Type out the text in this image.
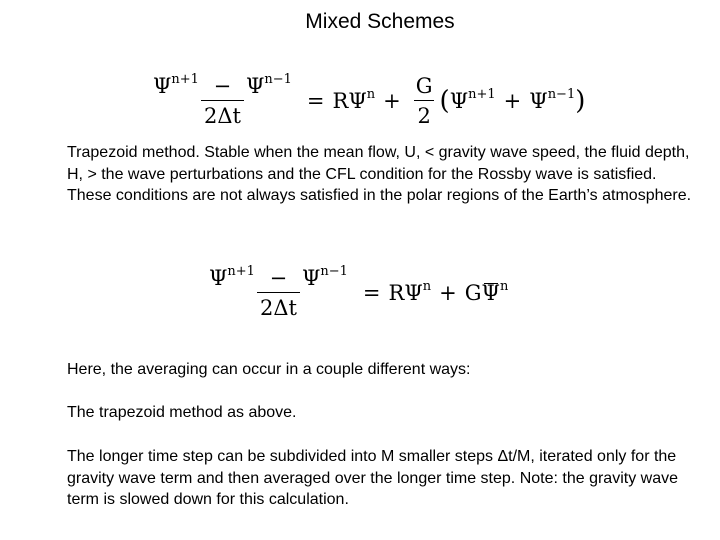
Mixed Schemes
$\frac{\Psi^{n+1} - \Psi^{n-1}}{2\Delta t} = R\Psi^n + \frac{G}{2}$ ( $\Psi^{n+1} + \Psi^{n-1}$ )
Trapezoid method. Stable when the mean flow, U, < gravity wave speed, the fluid depth, H, > the wave perturbations and the CFL condition for the Rossby wave is satisfied. These conditions are not always satisfied in the polar regions of the Earth’s atmosphere.
$\frac{\Psi^{n+1} - \Psi^{n-1}}{2\Delta t} = R\Psi^n + G$ $\Psi^n$
Here, the averaging can occur in a couple different ways:
The trapezoid method as above.
The longer time step can be subdivided into M smaller steps Δt/M, iterated only for the gravity wave term and then averaged over the longer time step. Note: the gravity wave term is slowed down for this calculation.
